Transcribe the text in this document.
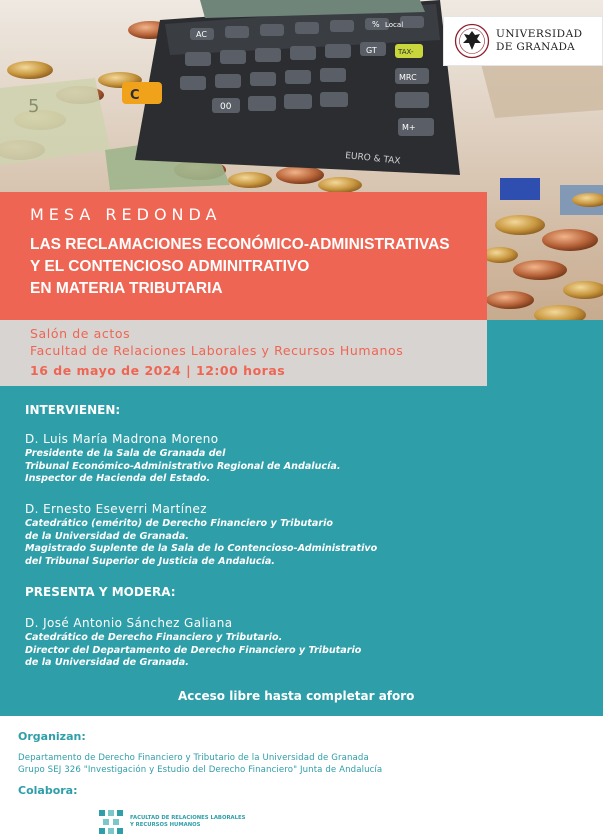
5
C
AC
%
GT	TAX-
00
MRC
M+
Local
EURO & TAX
UNIVERSIDAD
DE GRANADA
MESA REDONDA
LAS RECLAMACIONES ECONÓMICO-ADMINISTRATIVAS
Y EL CONTENCIOSO ADMINITRATIVO
EN MATERIA TRIBUTARIA
Salón de actos
Facultad de Relaciones Laborales y Recursos Humanos
16 de mayo de 2024 | 12:00 horas
INTERVIENEN:
D. Luis María Madrona Moreno
Presidente de la Sala de Granada del
Tribunal Económico-Administrativo Regional de Andalucía.
Inspector de Hacienda del Estado.
D. Ernesto Eseverri Martínez
Catedrático (emérito) de Derecho Financiero y Tributario
de la Universidad de Granada.
Magistrado Suplente de la Sala de lo Contencioso-Administrativo
del Tribunal Superior de Justicia de Andalucía.
PRESENTA Y MODERA:
D. José Antonio Sánchez Galiana
Catedrático de Derecho Financiero y Tributario.
Director del Departamento de Derecho Financiero y Tributario
de la Universidad de Granada.
Acceso libre hasta completar aforo
Organizan:
Departamento de Derecho Financiero y Tributario de la Universidad de Granada
Grupo SEJ 326 "Investigación y Estudio del Derecho Financiero" Junta de Andalucía
Colabora:
FACULTAD DE RELACIONES LABORALES
Y RECURSOS HUMANOS
